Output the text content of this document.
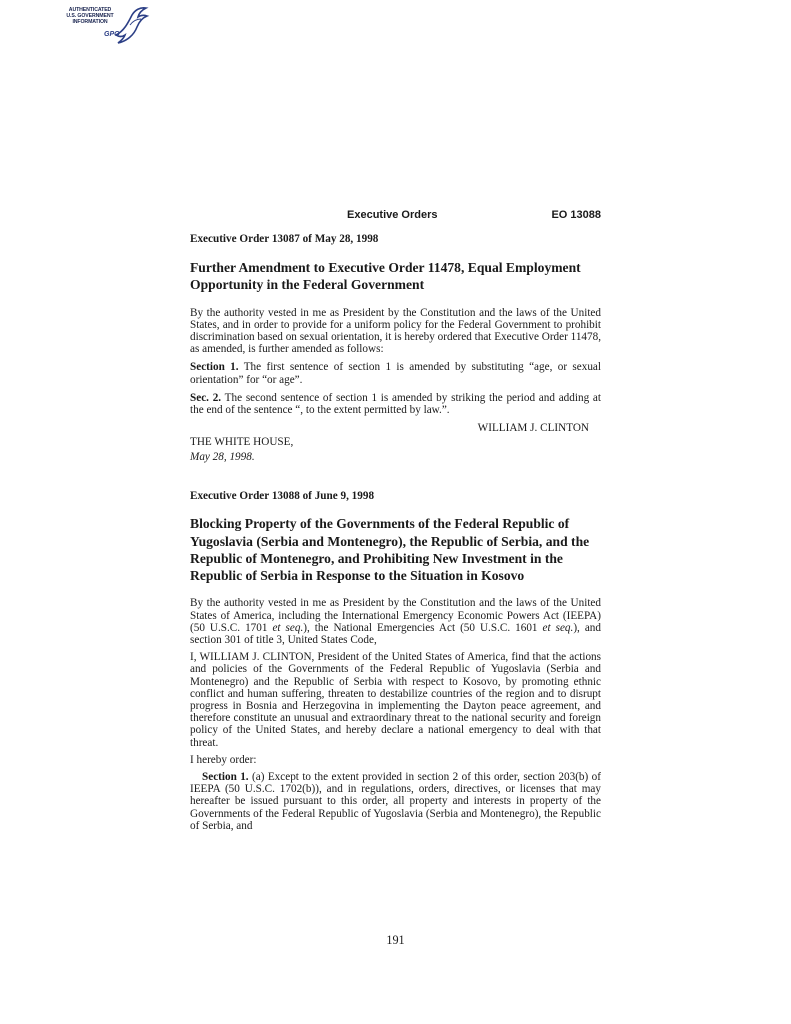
AUTHENTICATED
U.S. GOVERNMENT
INFORMATION
GPO
Executive Orders	EO 13088

Executive Order 13087 of May 28, 1998

Further Amendment to Executive Order 11478, Equal Employment Opportunity in the Federal Government

By the authority vested in me as President by the Constitution and the laws of the United States, and in order to provide for a uniform policy for the Federal Government to prohibit discrimination based on sexual orientation, it is hereby ordered that Executive Order 11478, as amended, is further amended as follows:

Section 1. The first sentence of section 1 is amended by substituting “age, or sexual orientation” for “or age”.

Sec. 2. The second sentence of section 1 is amended by striking the period and adding at the end of the sentence “, to the extent permitted by law.”.

WILLIAM J. CLINTON

THE WHITE HOUSE,

May 28, 1998.

Executive Order 13088 of June 9, 1998

Blocking Property of the Governments of the Federal Republic of Yugoslavia (Serbia and Montenegro), the Republic of Serbia, and the Republic of Montenegro, and Prohibiting New Investment in the Republic of Serbia in Response to the Situation in Kosovo

By the authority vested in me as President by the Constitution and the laws of the United States of America, including the International Emergency Economic Powers Act (IEEPA) (50 U.S.C. 1701 et seq.), the National Emergencies Act (50 U.S.C. 1601 et seq.), and section 301 of title 3, United States Code,

I, WILLIAM J. CLINTON, President of the United States of America, find that the actions and policies of the Governments of the Federal Republic of Yugoslavia (Serbia and Montenegro) and the Republic of Serbia with respect to Kosovo, by promoting ethnic conflict and human suffering, threaten to destabilize countries of the region and to disrupt progress in Bosnia and Herzegovina in implementing the Dayton peace agreement, and therefore constitute an unusual and extraordinary threat to the national security and foreign policy of the United States, and hereby declare a national emergency to deal with that threat.

I hereby order:

Section 1. (a) Except to the extent provided in section 2 of this order, section 203(b) of IEEPA (50 U.S.C. 1702(b)), and in regulations, orders, directives, or licenses that may hereafter be issued pursuant to this order, all property and interests in property of the Governments of the Federal Republic of Yugoslavia (Serbia and Montenegro), the Republic of Serbia, and

191
